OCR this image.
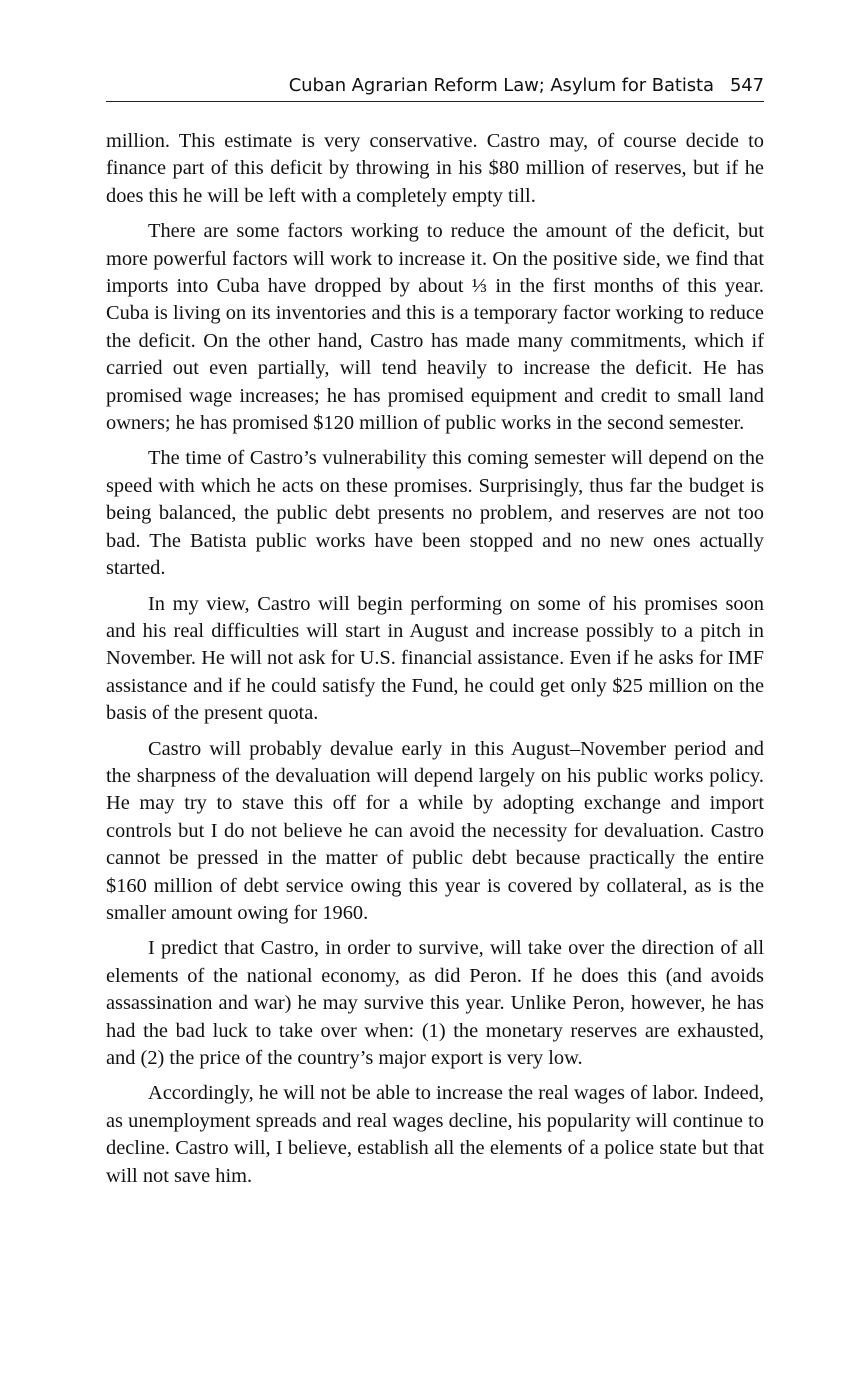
Cuban Agrarian Reform Law; Asylum for Batista 547

million. This estimate is very conservative. Castro may, of course decide to finance part of this deficit by throwing in his $80 million of reserves, but if he does this he will be left with a completely empty till.

There are some factors working to reduce the amount of the deficit, but more powerful factors will work to increase it. On the positive side, we find that imports into Cuba have dropped by about ⅓ in the first months of this year. Cuba is living on its inventories and this is a temporary factor working to reduce the deficit. On the other hand, Castro has made many commitments, which if carried out even partially, will tend heavily to increase the deficit. He has promised wage increases; he has promised equipment and credit to small land owners; he has promised $120 million of public works in the second semester.

The time of Castro’s vulnerability this coming semester will depend on the speed with which he acts on these promises. Surprisingly, thus far the budget is being balanced, the public debt presents no problem, and reserves are not too bad. The Batista public works have been stopped and no new ones actually started.

In my view, Castro will begin performing on some of his promises soon and his real difficulties will start in August and increase possibly to a pitch in November. He will not ask for U.S. financial assistance. Even if he asks for IMF assistance and if he could satisfy the Fund, he could get only $25 million on the basis of the present quota.

Castro will probably devalue early in this August–November period and the sharpness of the devaluation will depend largely on his public works policy. He may try to stave this off for a while by adopting exchange and import controls but I do not believe he can avoid the necessity for devaluation. Castro cannot be pressed in the matter of public debt because practically the entire $160 million of debt service owing this year is covered by collateral, as is the smaller amount owing for 1960.

I predict that Castro, in order to survive, will take over the direction of all elements of the national economy, as did Peron. If he does this (and avoids assassination and war) he may survive this year. Unlike Peron, however, he has had the bad luck to take over when: (1) the monetary reserves are exhausted, and (2) the price of the country’s major export is very low.

Accordingly, he will not be able to increase the real wages of labor. Indeed, as unemployment spreads and real wages decline, his popularity will continue to decline. Castro will, I believe, establish all the elements of a police state but that will not save him.
